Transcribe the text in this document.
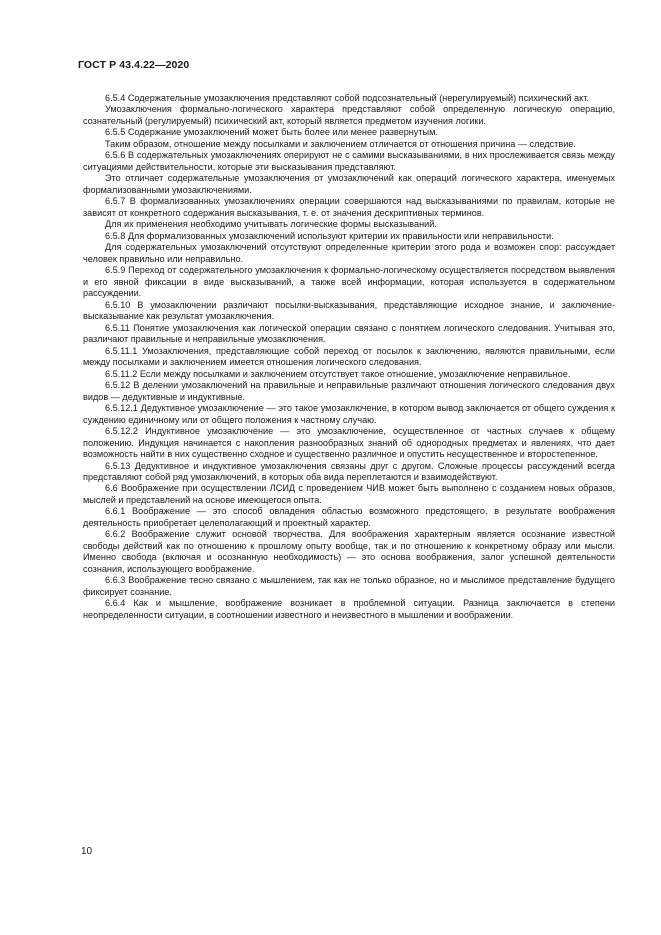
ГОСТ Р 43.4.22—2020

6.5.4 Содержательные умозаключения представляют собой подсознательный (нерегулируемый) психический акт.

Умозаключения формально-логического характера представляют собой определенную логическую операцию, сознательный (регулируемый) психический акт, который является предметом изучения логики.

6.5.5 Содержание умозаключений может быть более или менее развернутым.

Таким образом, отношение между посылками и заключением отличается от отношения причина — следствие.

6.5.6 В содержательных умозаключениях оперируют не с самими высказываниями, в них прослеживается связь между ситуациями действительности, которые эти высказывания представляют.

Это отличает содержательные умозаключения от умозаключений как операций логического характера, именуемых формализованными умозаключениями.

6.5.7 В формализованных умозаключениях операции совершаются над высказываниями по правилам, которые не зависят от конкретного содержания высказывания, т. е. от значения дескриптивных терминов.

Для их применения необходимо учитывать логические формы высказываний.

6.5.8 Для формализованных умозаключений используют критерии их правильности или неправильности.

Для содержательных умозаключений отсутствуют определенные критерии этого рода и возможен спор: рассуждает человек правильно или неправильно.

6.5.9 Переход от содержательного умозаключения к формально-логическому осуществляется посредством выявления и его явной фиксации в виде высказываний, а также всей информации, которая используется в содержательном рассуждении.

6.5.10 В умозаключении различают посылки-высказывания, представляющие исходное знание, и заключение-высказывание как результат умозаключения.

6.5.11 Понятие умозаключения как логической операции связано с понятием логического следования. Учитывая это, различают правильные и неправильные умозаключения.

6.5.11.1 Умозаключения, представляющие собой переход от посылок к заключению, являются правильными, если между посылками и заключением имеется отношения логического следования.

6.5.11.2 Если между посылками и заключением отсутствует такое отношение, умозаключение неправильное.

6.5.12 В делении умозаключений на правильные и неправильные различают отношения логического следования двух видов — дедуктивные и индуктивные.

6.5.12.1 Дедуктивное умозаключение — это такое умозаключение, в котором вывод заключается от общего суждения к суждению единичному или от общего положения к частному случаю.

6.5.12.2 Индуктивное умозаключение — это умозаключение, осуществленное от частных случаев к общему положению. Индукция начинается с накопления разнообразных знаний об однородных предметах и явлениях, что дает возможность найти в них существенно сходное и существенно различное и опустить несущественное и второстепенное.

6.5.13 Дедуктивное и индуктивное умозаключения связаны друг с другом. Сложные процессы рассуждений всегда представляют собой ряд умозаключений, в которых оба вида переплетаются и взаимодействуют.

6.6 Воображение при осуществлении ЛСИД с проведением ЧИВ может быть выполнено с созданием новых образов, мыслей и представлений на основе имеющегося опыта.

6.6.1 Воображение — это способ овладения областью возможного предстоящего, в результате воображения деятельность приобретает целеполагающий и проектный характер.

6.6.2 Воображение служит основой творчества. Для воображения характерным является осознание известной свободы действий как по отношению к прошлому опыту вообще, так и по отношению к конкретному образу или мысли. Именно свобода (включая и осознанную необходимость) — это основа воображения, залог успешной деятельности сознания, использующего воображение.

6.6.3 Воображение тесно связано с мышлением, так как не только образное, но и мыслимое представление будущего фиксирует сознание.

6.6.4 Как и мышление, воображение возникает в проблемной ситуации. Разница заключается в степени неопределенности ситуации, в соотношении известного и неизвестного в мышлении и воображении.

10
